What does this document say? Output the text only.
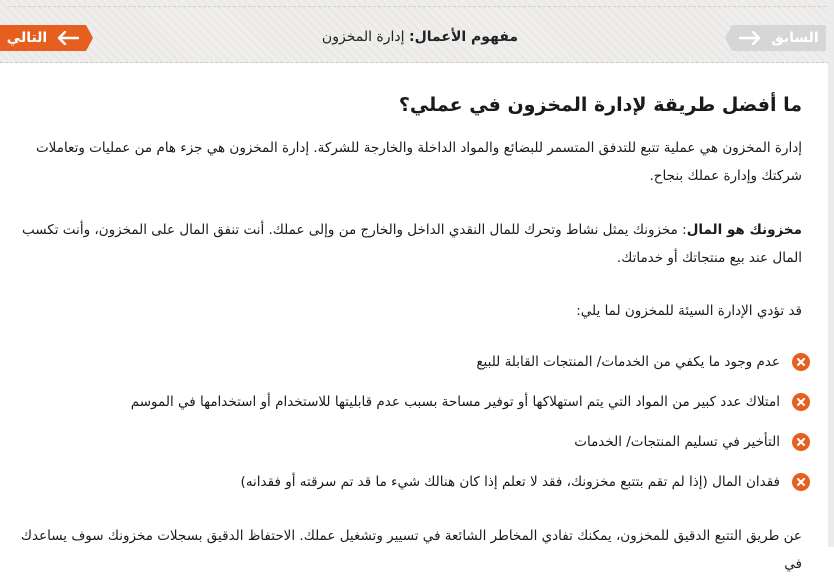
التالي	مفهوم الأعمال: إدارة المخزون	السابق
ما أفضل طريقة لإدارة المخزون في عملي؟

إدارة المخزون هي عملية تتبع للتدفق المتسمر للبضائع والمواد الداخلة والخارجة للشركة. إدارة المخزون هي جزء هام من عمليات وتعاملات شركتك وإدارة عملك بنجاح.

مخزونك هو المال: مخزونك يمثل نشاط وتحرك للمال النقدي الداخل والخارج من وإلى عملك. أنت تنفق المال على المخزون، وأنت تكسب المال عند بيع منتجاتك أو خدماتك.

قد تؤدي الإدارة السيئة للمخزون لما يلي:

عدم وجود ما يكفي من الخدمات/ المنتجات القابلة للبيع
امتلاك عدد كبير من المواد التي يتم استهلاكها أو توفير مساحة بسبب عدم قابليتها للاستخدام أو استخدامها في الموسم
التأخير في تسليم المنتجات/ الخدمات
فقدان المال (إذا لم تقم بتتبع مخزونك، فقد لا تعلم إذا كان هنالك شيء ما قد تم سرقته أو فقدانه)

عن طريق التتبع الدقيق للمخزون، يمكنك تفادي المخاطر الشائعة في تسيير وتشغيل عملك. الاحتفاظ الدقيق بسجلات مخزونك سوف يساعدك في
